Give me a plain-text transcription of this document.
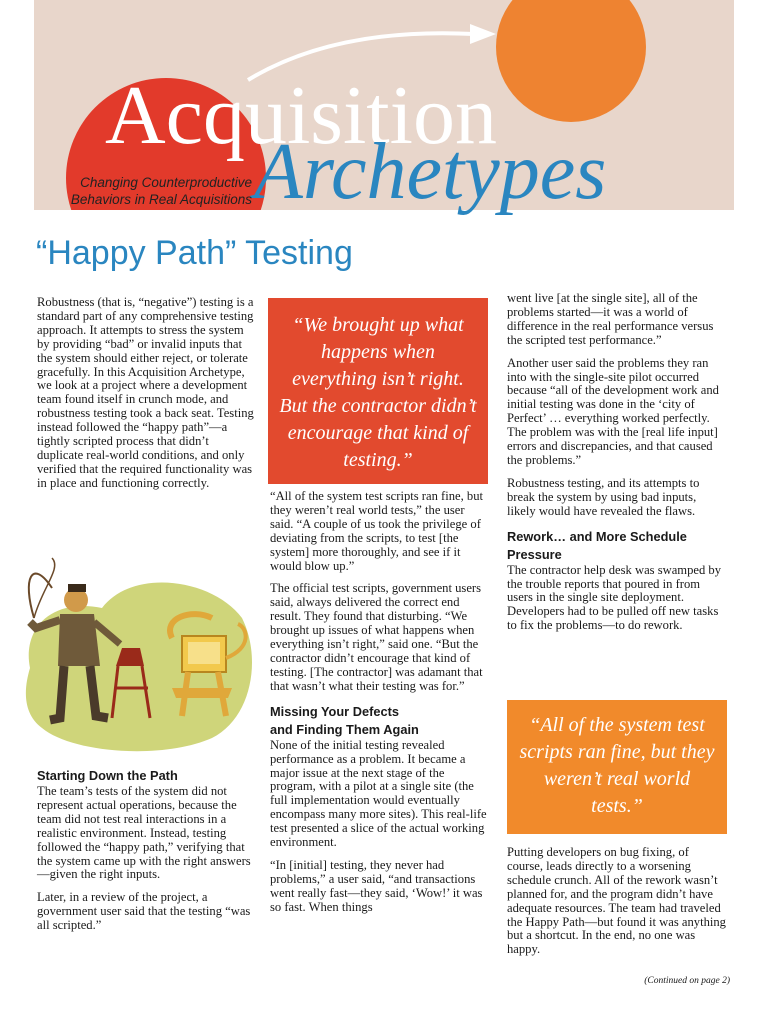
Acquisition
Archetypes
Changing Counterproductive
Behaviors in Real Acquisitions
“Happy Path” Testing

Robustness (that is, “negative”) testing is a standard part of any comprehensive testing approach. It attempts to stress the system by providing “bad” or invalid inputs that the system should either reject, or tolerate gracefully. In this Acquisition Archetype, we look at a project where a development team found itself in crunch mode, and robustness testing took a back seat. Testing instead followed the “happy path”—a tightly scripted process that didn’t duplicate real-world conditions, and only verified that the required functionality was in place and functioning correctly.

Starting Down the Path

The team’s tests of the system did not represent actual operations, because the team did not test real interactions in a realistic environment. Instead, testing followed the “happy path,” verifying that the system came up with the right answers—given the right inputs.

Later, in a review of the project, a government user said that the testing “was all scripted.”

“We brought up what happens when everything isn’t right. But the contractor didn’t encourage that kind of testing.”

“All of the system test scripts ran fine, but they weren’t real world tests,” the user said. “A couple of us took the privilege of deviating from the scripts, to test [the system] more thoroughly, and see if it would blow up.”

The official test scripts, government users said, always delivered the correct end result. They found that disturbing. “We brought up issues of what happens when everything isn’t right,” said one. “But the contractor didn’t encourage that kind of testing. [The contractor] was adamant that that wasn’t what their testing was for.”

Missing Your Defects
and Finding Them Again

None of the initial testing revealed performance as a problem. It became a major issue at the next stage of the program, with a pilot at a single site (the full implementation would eventually encompass many more sites). This real-life test presented a slice of the actual working environment.

“In [initial] testing, they never had problems,” a user said, “and transactions went really fast—they said, ‘Wow!’ it was so fast. When things

went live [at the single site], all of the problems started—it was a world of difference in the real performance versus the scripted test performance.”

Another user said the problems they ran into with the single-site pilot occurred because “all of the development work and initial testing was done in the ‘city of Perfect’ … everything worked perfectly. The problem was with the [real life input] errors and discrepancies, and that caused the problems.”

Robustness testing, and its attempts to break the system by using bad inputs, likely would have revealed the flaws.

Rework… and More Schedule
Pressure

The contractor help desk was swamped by the trouble reports that poured in from users in the single site deployment. Developers had to be pulled off new tasks to fix the problems—to do rework.

“All of the system test scripts ran fine, but they weren’t real world tests.”

Putting developers on bug fixing, of course, leads directly to a worsening schedule crunch. All of the rework wasn’t planned for, and the program didn’t have adequate resources. The team had traveled the Happy Path—but found it was anything but a shortcut. In the end, no one was happy.

(Continued on page 2)
